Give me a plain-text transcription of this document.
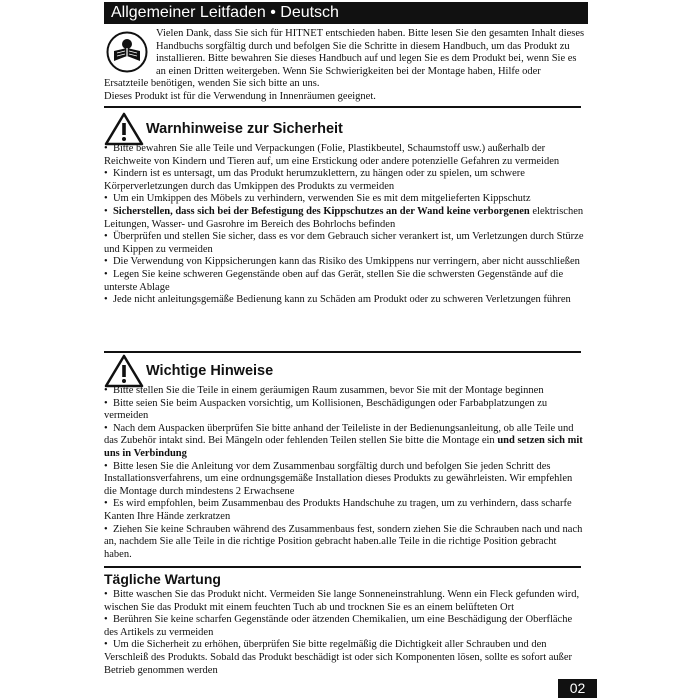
Allgemeiner Leitfaden • Deutsch
Vielen Dank, dass Sie sich für HITNET entschieden haben. Bitte lesen Sie den gesamten Inhalt dieses Handbuchs sorgfältig durch und befolgen Sie die Schritte in diesem Handbuch, um das Produkt zu installieren. Bitte bewahren Sie dieses Handbuch auf und legen Sie es dem Produkt bei, wenn Sie es an einen Dritten weitergeben. Wenn Sie Schwierigkeiten bei der Montage haben, Hilfe oder Ersatzteile benötigen, wenden Sie sich bitte an uns.
Dieses Produkt ist für die Verwendung in Innenräumen geeignet.
Warnhinweise zur Sicherheit
•  Bitte bewahren Sie alle Teile und Verpackungen (Folie, Plastikbeutel, Schaumstoff usw.) außerhalb der Reichweite von Kindern und Tieren auf, um eine Erstickung oder andere potenzielle Gefahren zu vermeiden
•  Kindern ist es untersagt, um das Produkt herumzuklettern, zu hängen oder zu spielen, um schwere Körperverletzungen durch das Umkippen des Produkts zu vermeiden
•  Um ein Umkippen des Möbels zu verhindern, verwenden Sie es mit dem mitgelieferten Kippschutz
•  Sicherstellen, dass sich bei der Befestigung des Kippschutzes an der Wand keine verborgenen elektrischen Leitungen, Wasser- und Gasrohre im Bereich des Bohrlochs befinden
•  Überprüfen und stellen Sie sicher, dass es vor dem Gebrauch sicher verankert ist, um Verletzungen durch Stürze und Kippen zu vermeiden
•  Die Verwendung von Kippsicherungen kann das Risiko des Umkippens nur verringern, aber nicht ausschließen
•  Legen Sie keine schweren Gegenstände oben auf das Gerät, stellen Sie die schwersten Gegenstände auf die unterste Ablage
•  Jede nicht anleitungsgemäße Bedienung kann zu Schäden am Produkt oder zu schweren Verletzungen führen
Wichtige Hinweise
•  Bitte stellen Sie die Teile in einem geräumigen Raum zusammen, bevor Sie mit der Montage beginnen
•  Bitte seien Sie beim Auspacken vorsichtig, um Kollisionen, Beschädigungen oder Farbabplatzungen zu vermeiden
•  Nach dem Auspacken überprüfen Sie bitte anhand der Teileliste in der Bedienungsanleitung, ob alle Teile und das Zubehör intakt sind. Bei Mängeln oder fehlenden Teilen stellen Sie bitte die Montage ein und setzen sich mit uns in Verbindung
•  Bitte lesen Sie die Anleitung vor dem Zusammenbau sorgfältig durch und befolgen Sie jeden Schritt des Installationsverfahrens, um eine ordnungsgemäße Installation dieses Produkts zu gewährleisten. Wir empfehlen die Montage durch mindestens 2 Erwachsene
•  Es wird empfohlen, beim Zusammenbau des Produkts Handschuhe zu tragen, um zu verhindern, dass scharfe Kanten Ihre Hände zerkratzen
•  Ziehen Sie keine Schrauben während des Zusammenbaus fest, sondern ziehen Sie die Schrauben nach und nach an, nachdem Sie alle Teile in die richtige Position gebracht haben.alle Teile in die richtige Position gebracht haben.
Tägliche Wartung
•  Bitte waschen Sie das Produkt nicht. Vermeiden Sie lange Sonneneinstrahlung. Wenn ein Fleck gefunden wird, wischen Sie das Produkt mit einem feuchten Tuch ab und trocknen Sie es an einem belüfteten Ort
•  Berühren Sie keine scharfen Gegenstände oder ätzenden Chemikalien, um eine Beschädigung der Oberfläche des Artikels zu vermeiden
•  Um die Sicherheit zu erhöhen, überprüfen Sie bitte regelmäßig die Dichtigkeit aller Schrauben und den Verschleiß des Produkts. Sobald das Produkt beschädigt ist oder sich Komponenten lösen, sollte es sofort außer Betrieb genommen werden
02
